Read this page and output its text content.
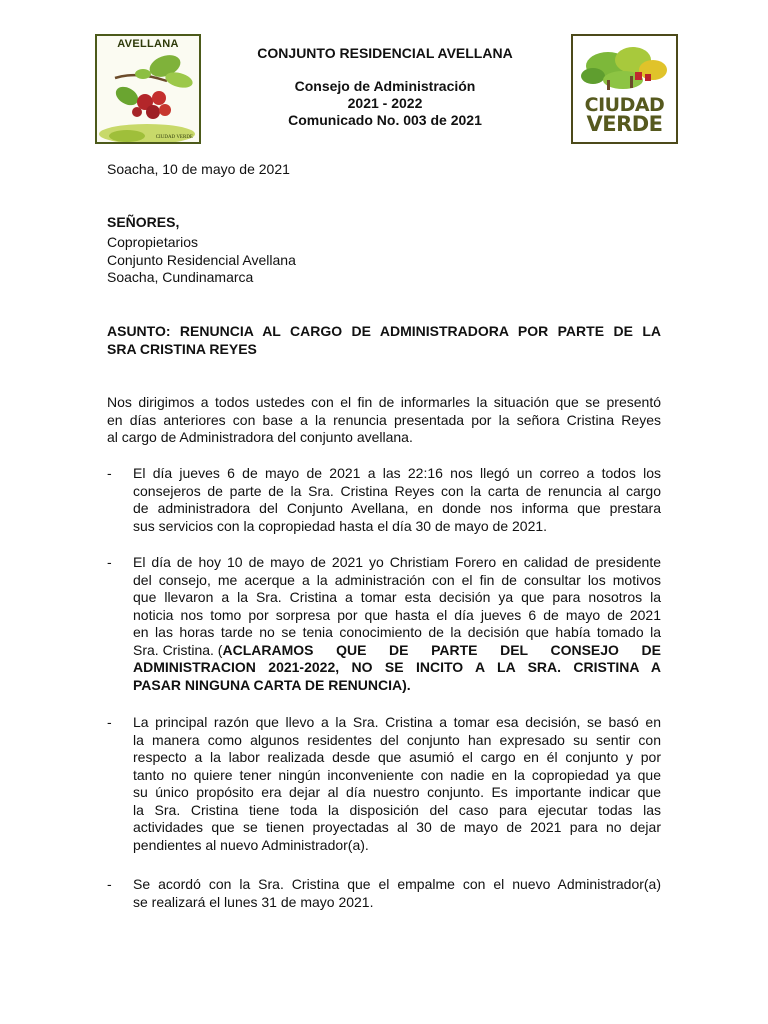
AVELLANA
CIUDAD VERDE
CONJUNTO RESIDENCIAL AVELLANA
Consejo de Administración
2021 - 2022
Comunicado No. 003 de 2021
CIUDAD
VERDE
Soacha, 10 de mayo de 2021
SEÑORES,
Copropietarios
Conjunto Residencial Avellana
Soacha, Cundinamarca
ASUNTO: RENUNCIA AL CARGO DE ADMINISTRADORA POR PARTE DE LA
SRA CRISTINA REYES
Nos dirigimos a todos ustedes con el fin de informarles la situación que se presentó
en días anteriores con base a la renuncia presentada por la señora Cristina Reyes
al cargo de Administradora del conjunto avellana.
- El día jueves 6 de mayo de 2021 a las 22:16 nos llegó un correo a todos los
consejeros de parte de la Sra. Cristina Reyes con la carta de renuncia al cargo
de administradora del Conjunto Avellana, en donde nos informa que prestara
sus servicios con la copropiedad hasta el día 30 de mayo de 2021.
- El día de hoy 10 de mayo de 2021 yo Christiam Forero en calidad de presidente
del consejo, me acerque a la administración con el fin de consultar los motivos
que llevaron a la Sra. Cristina a tomar esta decisión ya que para nosotros la
noticia nos tomo por sorpresa por que hasta el día jueves 6 de mayo de 2021
en las horas tarde no se tenia conocimiento de la decisión que había tomado la
Sra. Cristina. ( ACLARAMOS QUE DE PARTE DEL CONSEJO DE
ADMINISTRACION 2021-2022, NO SE INCITO A LA SRA. CRISTINA A
PASAR NINGUNA CARTA DE RENUNCIA).
- La principal razón que llevo a la Sra. Cristina a tomar esa decisión, se basó en
la manera como algunos residentes del conjunto han expresado su sentir con
respecto a la labor realizada desde que asumió el cargo en él conjunto y por
tanto no quiere tener ningún inconveniente con nadie en la copropiedad ya que
su único propósito era dejar al día nuestro conjunto. Es importante indicar que
la Sra. Cristina tiene toda la disposición del caso para ejecutar todas las
actividades que se tienen proyectadas al 30 de mayo de 2021 para no dejar
pendientes al nuevo Administrador(a).
- Se acordó con la Sra. Cristina que el empalme con el nuevo Administrador(a)
se realizará el lunes 31 de mayo 2021.
